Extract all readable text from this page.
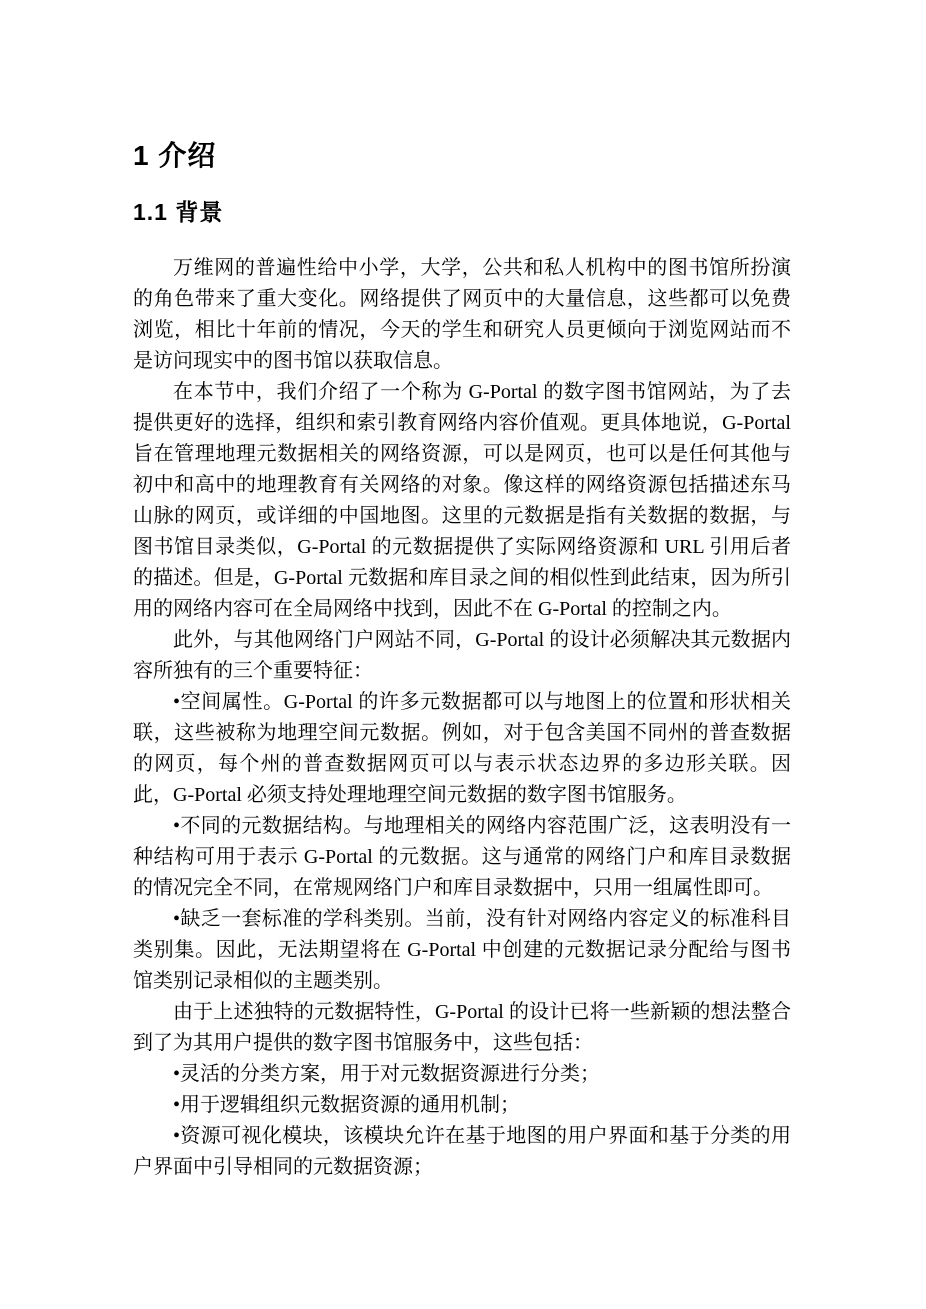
1 介绍
1.1 背景

万维网的普遍性给中小学，大学，公共和私人机构中的图书馆所扮演的角色带来了重大变化。网络提供了网页中的大量信息，这些都可以免费浏览，相比十年前的情况，今天的学生和研究人员更倾向于浏览网站而不是访问现实中的图书馆以获取信息。

在本节中，我们介绍了一个称为 G-Portal 的数字图书馆网站，为了去提供更好的选择，组织和索引教育网络内容价值观。更具体地说，G-Portal 旨在管理地理元数据相关的网络资源，可以是网页，也可以是任何其他与初中和高中的地理教育有关网络的对象。像这样的网络资源包括描述东马山脉的网页，或详细的中国地图。这里的元数据是指有关数据的数据，与图书馆目录类似，G-Portal 的元数据提供了实际网络资源和 URL 引用后者的描述。但是，G-Portal 元数据和库目录之间的相似性到此结束，因为所引用的网络内容可在全局网络中找到，因此不在 G-Portal 的控制之内。

此外，与其他网络门户网站不同，G-Portal 的设计必须解决其元数据内容所独有的三个重要特征：

•空间属性。G-Portal 的许多元数据都可以与地图上的位置和形状相关联，这些被称为地理空间元数据。例如，对于包含美国不同州的普查数据的网页，每个州的普查数据网页可以与表示状态边界的多边形关联。因此，G-Portal 必须支持处理地理空间元数据的数字图书馆服务。

•不同的元数据结构。与地理相关的网络内容范围广泛，这表明没有一种结构可用于表示 G-Portal 的元数据。这与通常的网络门户和库目录数据的情况完全不同，在常规网络门户和库目录数据中，只用一组属性即可。

•缺乏一套标准的学科类别。当前，没有针对网络内容定义的标准科目类别集。因此，无法期望将在 G-Portal 中创建的元数据记录分配给与图书馆类别记录相似的主题类别。

由于上述独特的元数据特性，G-Portal 的设计已将一些新颖的想法整合到了为其用户提供的数字图书馆服务中，这些包括：

•灵活的分类方案，用于对元数据资源进行分类；

•用于逻辑组织元数据资源的通用机制；

•资源可视化模块，该模块允许在基于地图的用户界面和基于分类的用户界面中引导相同的元数据资源；
